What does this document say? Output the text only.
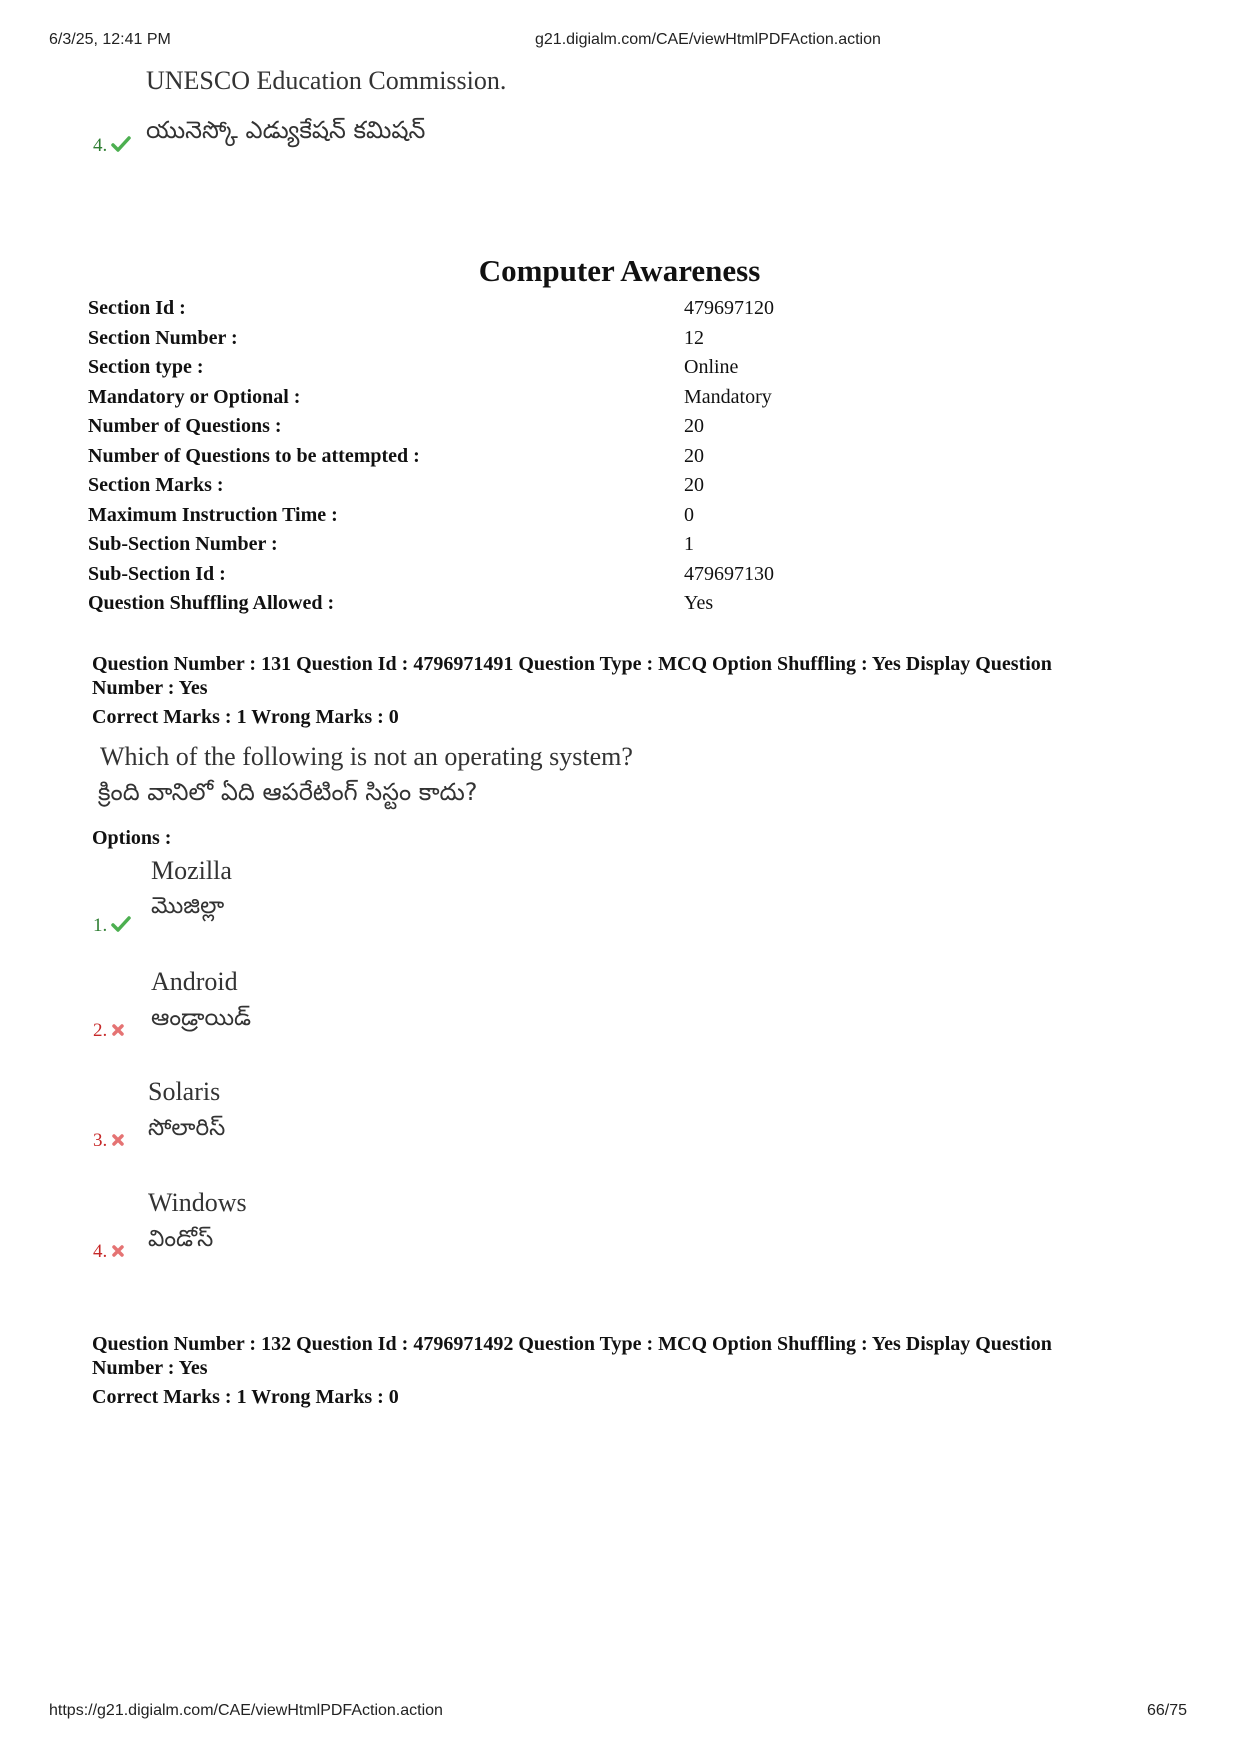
6/3/25, 12:41 PM	g21.digialm.com/CAE/viewHtmlPDFAction.action
UNESCO Education Commission.
4.
యునెస్కో ఎడ్యుకేషన్ కమిషన్
Computer Awareness
Section Id :	479697120
Section Number :	12
Section type :	Online
Mandatory or Optional :	Mandatory
Number of Questions :	20
Number of Questions to be attempted :	20
Section Marks :	20
Maximum Instruction Time :	0
Sub-Section Number :	1
Sub-Section Id :	479697130
Question Shuffling Allowed :	Yes
Question Number : 131 Question Id : 4796971491 Question Type : MCQ Option Shuffling : Yes Display Question
Number : Yes
Correct Marks : 1 Wrong Marks : 0
Which of the following is not an operating system?
క్రింది వానిలో ఏది ఆపరేటింగ్ సిస్టం కాదు?
Options :
Mozilla
మొజిల్లా
1.
Android
ఆండ్రాయిడ్
2.
Solaris
సోలారిస్
3.
Windows
విండోస్
4.
Question Number : 132 Question Id : 4796971492 Question Type : MCQ Option Shuffling : Yes Display Question
Number : Yes
Correct Marks : 1 Wrong Marks : 0
https://g21.digialm.com/CAE/viewHtmlPDFAction.action	66/75
